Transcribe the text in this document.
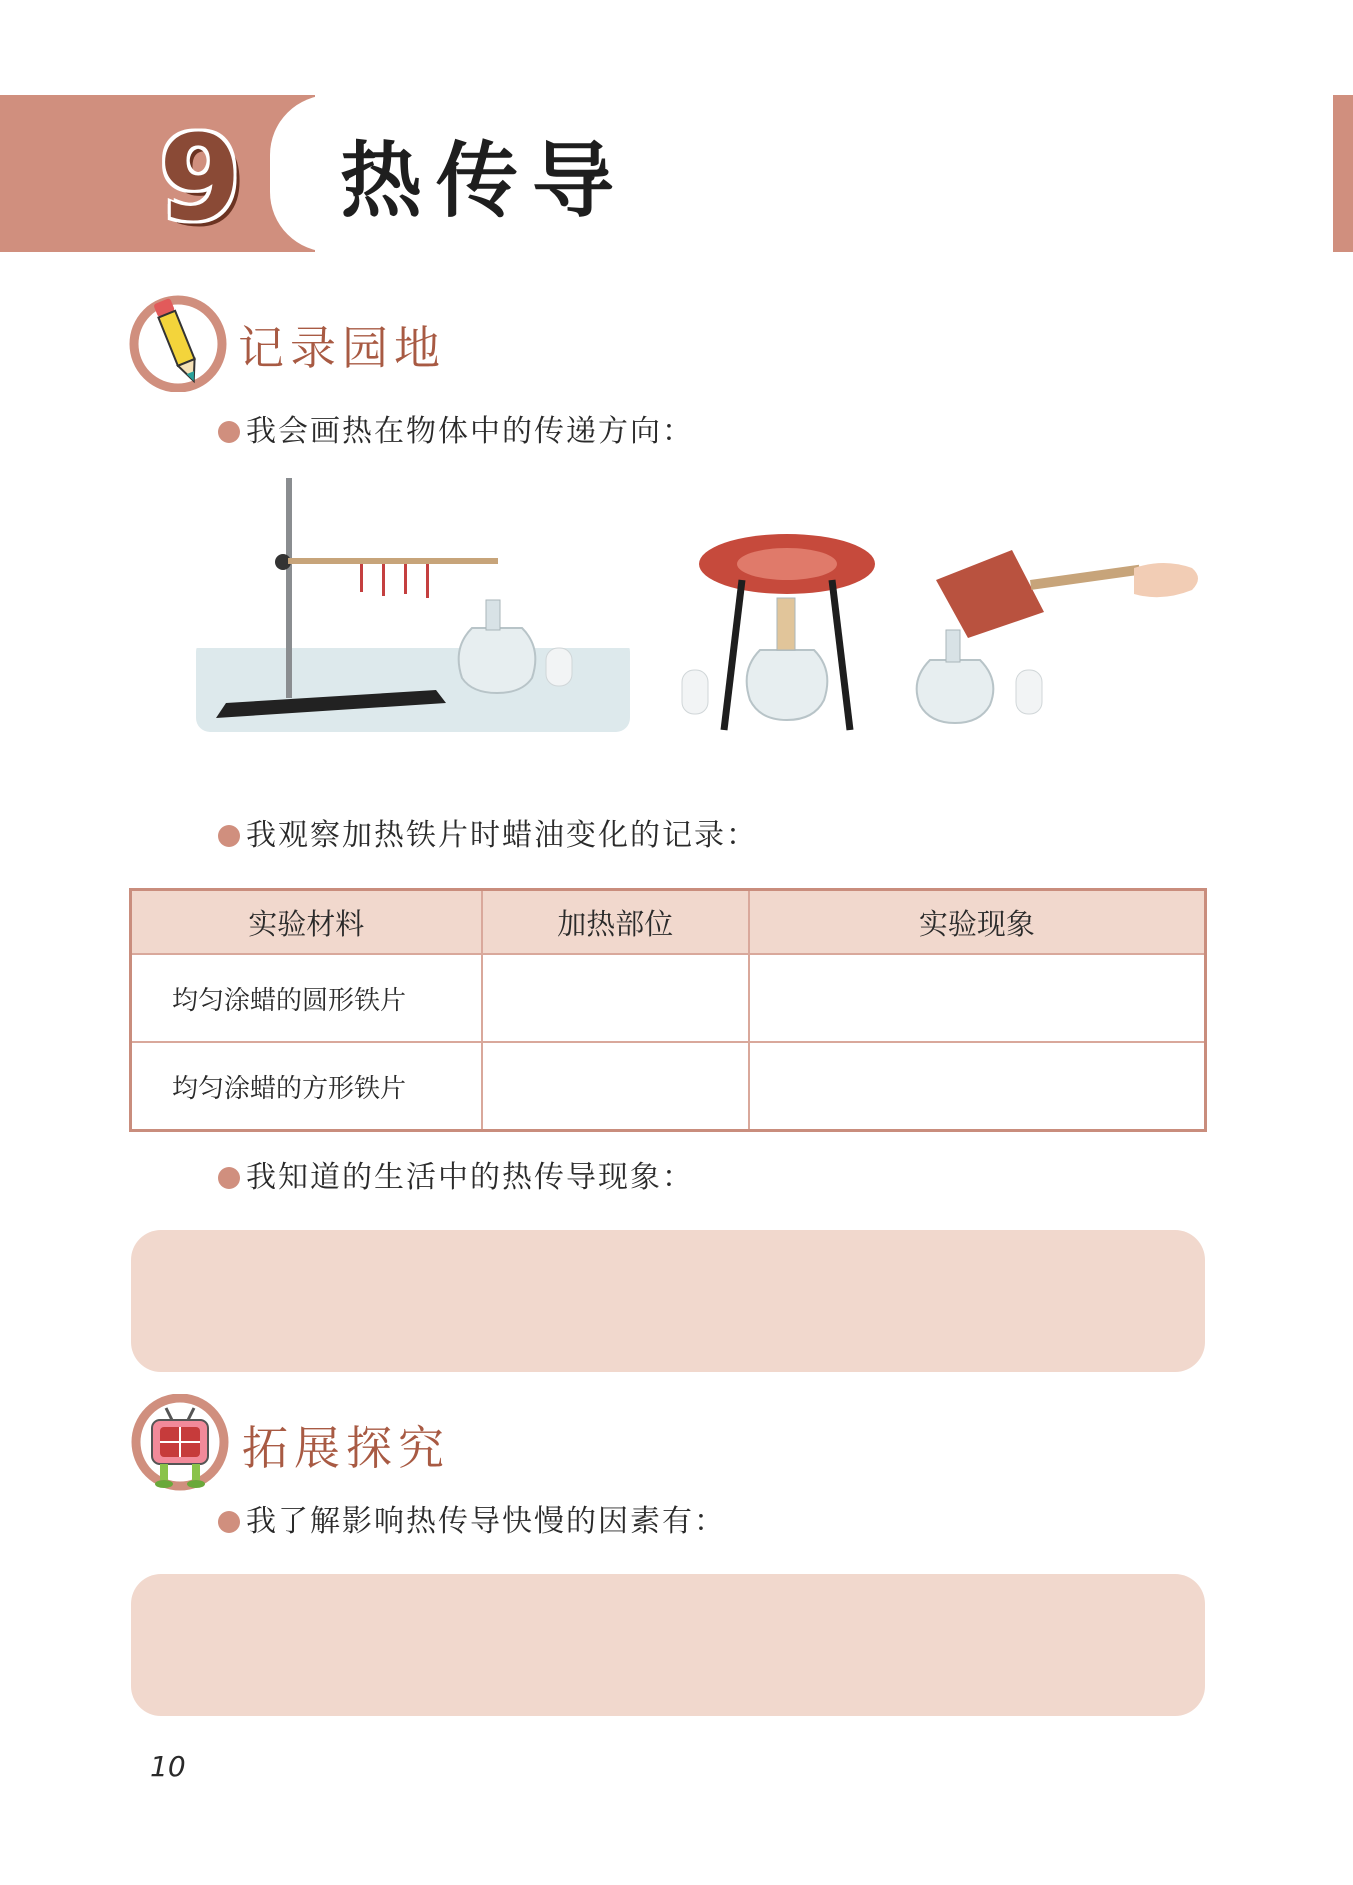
9 热传导
记录园地
我会画热在物体中的传递方向：
我观察加热铁片时蜡油变化的记录：
实验材料	加热部位	实验现象
均匀涂蜡的圆形铁片		
均匀涂蜡的方形铁片		
我知道的生活中的热传导现象：
拓展探究
我了解影响热传导快慢的因素有：
10
